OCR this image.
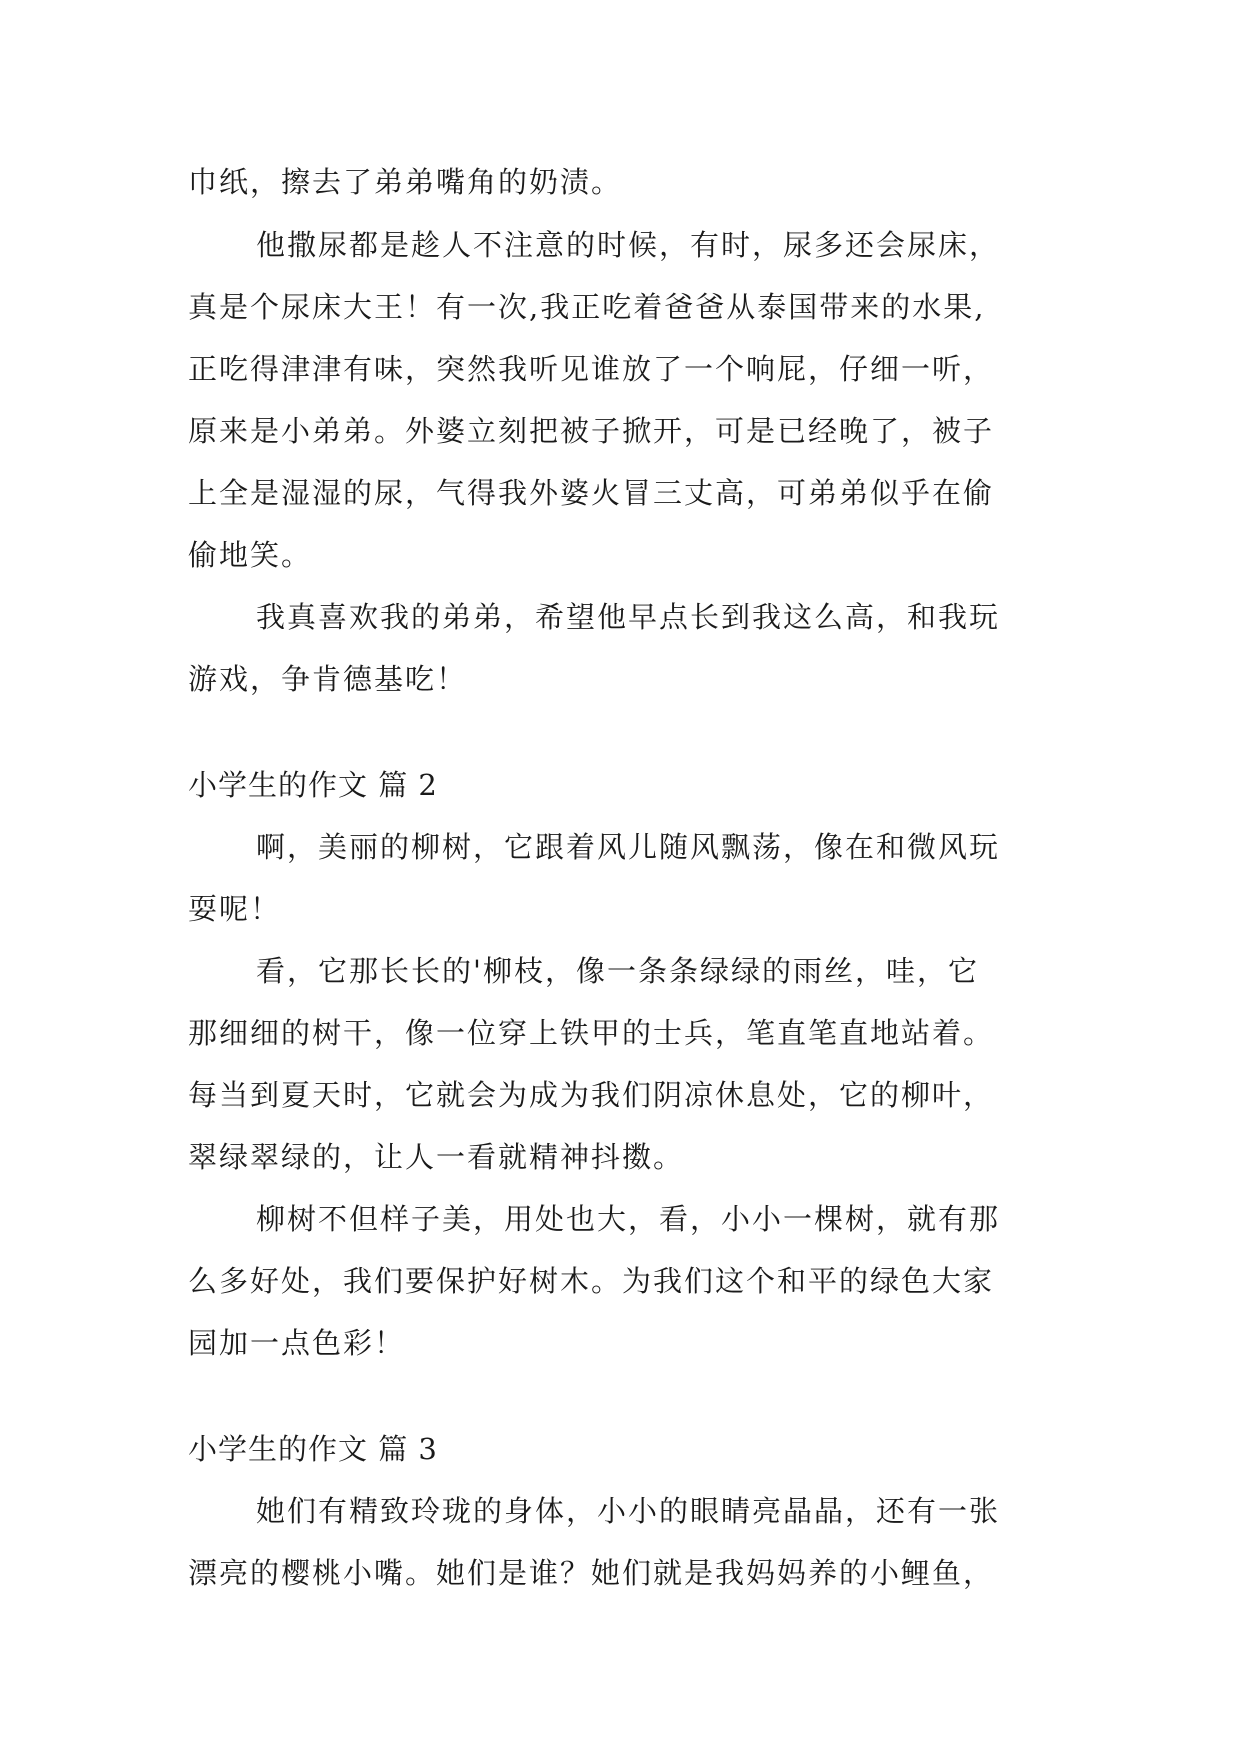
巾纸，擦去了弟弟嘴角的奶渍。
他撒尿都是趁人不注意的时候，有时，尿多还会尿床，
真是个尿床大王！有一次,我正吃着爸爸从泰国带来的水果,
正吃得津津有味，突然我听见谁放了一个响屁，仔细一听，
原来是小弟弟。外婆立刻把被子掀开，可是已经晚了，被子
上全是湿湿的尿，气得我外婆火冒三丈高，可弟弟似乎在偷
偷地笑。
我真喜欢我的弟弟，希望他早点长到我这么高，和我玩
游戏，争肯德基吃！
小学生的作文 篇 2
啊，美丽的柳树，它跟着风儿随风飘荡，像在和微风玩
耍呢！
看，它那长长的'柳枝，像一条条绿绿的雨丝，哇，它
那细细的树干，像一位穿上铁甲的士兵，笔直笔直地站着。
每当到夏天时，它就会为成为我们阴凉休息处，它的柳叶，
翠绿翠绿的，让人一看就精神抖擞。
柳树不但样子美，用处也大，看，小小一棵树，就有那
么多好处，我们要保护好树木。为我们这个和平的绿色大家
园加一点色彩！
小学生的作文 篇 3
她们有精致玲珑的身体，小小的眼睛亮晶晶，还有一张
漂亮的樱桃小嘴。她们是谁？她们就是我妈妈养的小鲤鱼，
